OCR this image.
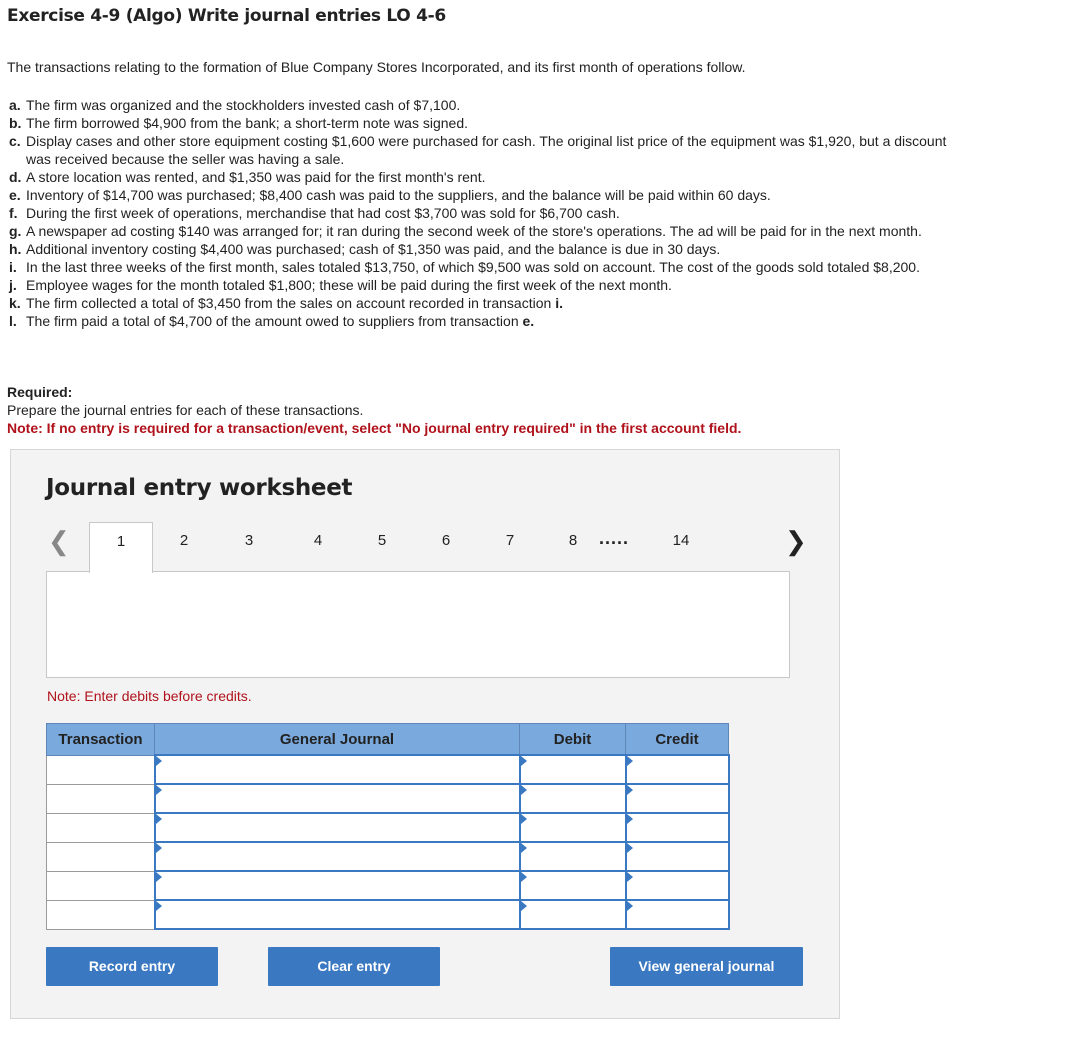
Exercise 4-9 (Algo) Write journal entries LO 4-6
The transactions relating to the formation of Blue Company Stores Incorporated, and its first month of operations follow.
a. The firm was organized and the stockholders invested cash of $7,100.
b. The firm borrowed $4,900 from the bank; a short-term note was signed.
c. Display cases and other store equipment costing $1,600 were purchased for cash. The original list price of the equipment was $1,920, but a discount was received because the seller was having a sale.
d. A store location was rented, and $1,350 was paid for the first month's rent.
e. Inventory of $14,700 was purchased; $8,400 cash was paid to the suppliers, and the balance will be paid within 60 days.
f. During the first week of operations, merchandise that had cost $3,700 was sold for $6,700 cash.
g. A newspaper ad costing $140 was arranged for; it ran during the second week of the store's operations. The ad will be paid for in the next month.
h. Additional inventory costing $4,400 was purchased; cash of $1,350 was paid, and the balance is due in 30 days.
i. In the last three weeks of the first month, sales totaled $13,750, of which $9,500 was sold on account. The cost of the goods sold totaled $8,200.
j. Employee wages for the month totaled $1,800; these will be paid during the first week of the next month.
k. The firm collected a total of $3,450 from the sales on account recorded in transaction i.
l. The firm paid a total of $4,700 of the amount owed to suppliers from transaction e.
Required:
Prepare the journal entries for each of these transactions.
Note: If no entry is required for a transaction/event, select "No journal entry required" in the first account field.
Journal entry worksheet
❮	❯
1	2	3	4	5	6	7	8	.....	14
Note: Enter debits before credits.
Transaction	General Journal	Debit	Credit

Record entry	Clear entry	View general journal
